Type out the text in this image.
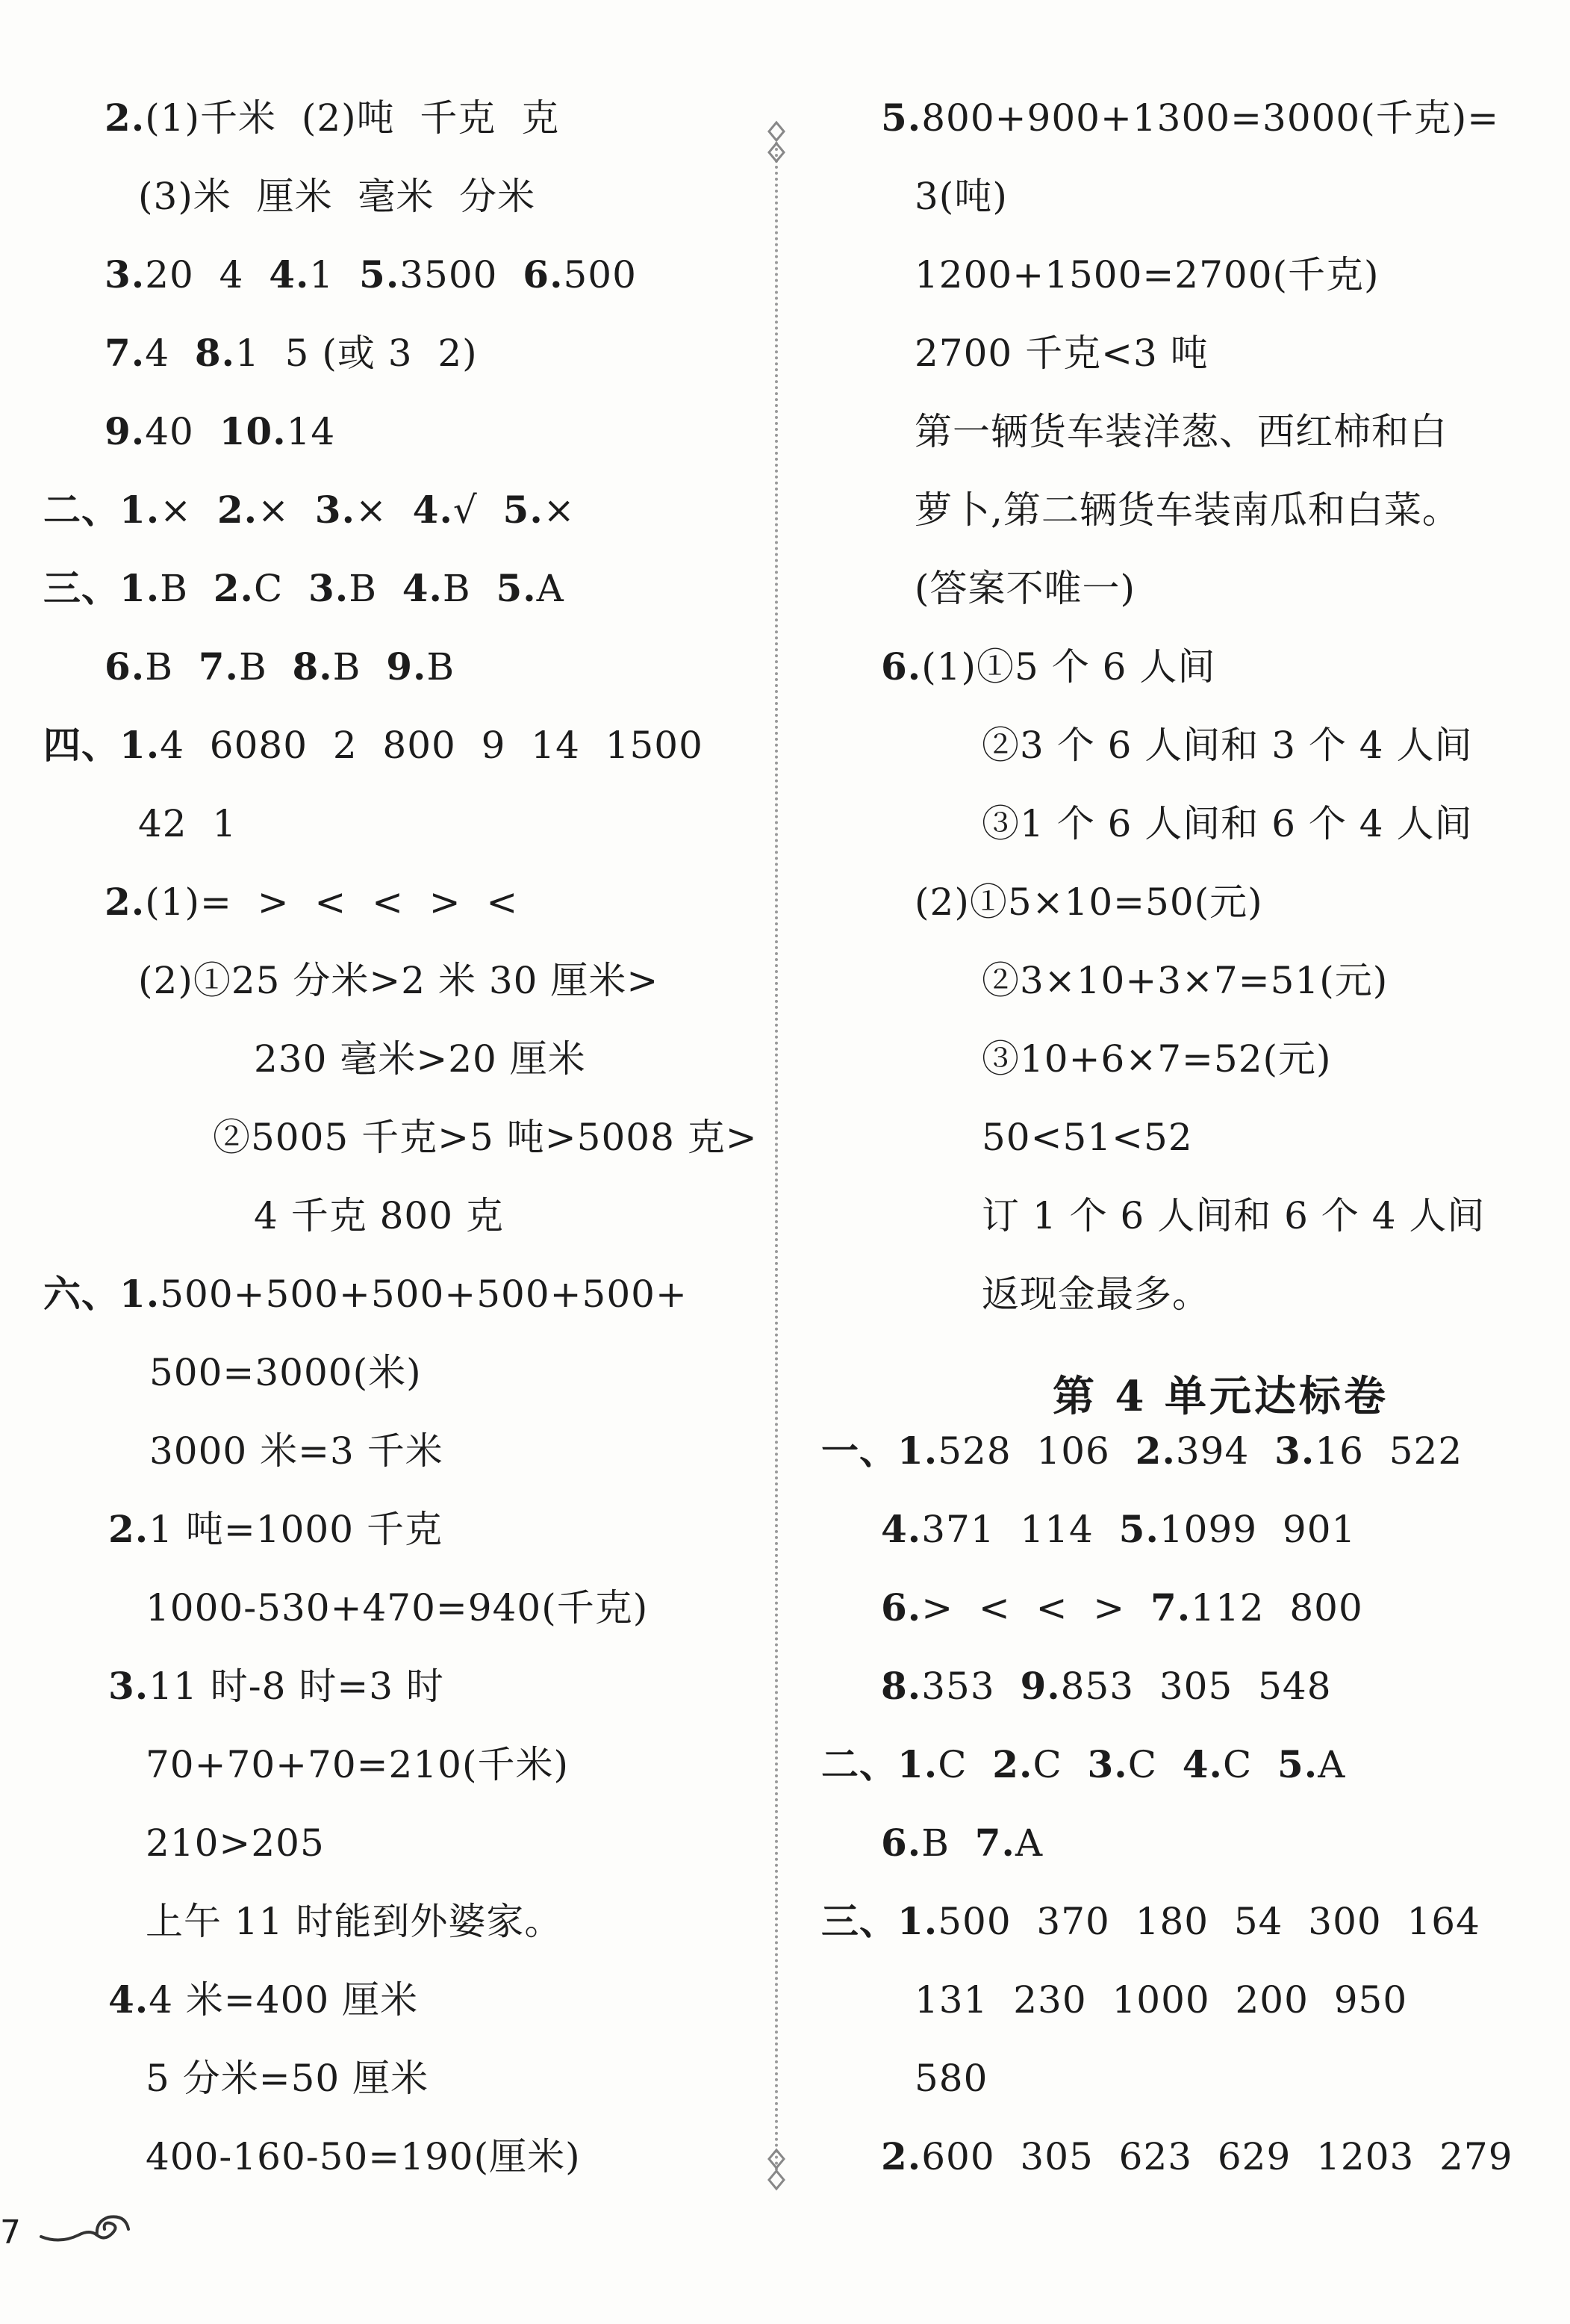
2.(1)千米  (2)吨  千克  克
(3)米  厘米  毫米  分米
3.20  4  4.1  5.3500  6.500
7.4  8.1  5 (或 3  2)
9.40  10.14
二、1.×  2.×  3.×  4.√  5.×
三、1.B  2.C  3.B  4.B  5.A
6.B  7.B  8.B  9.B
四、1.4  6080  2  800  9  14  1500
42  1
2.(1)=  >  <  <  >  <
(2)①25 分米>2 米 30 厘米>
230 毫米>20 厘米
②5005 千克>5 吨>5008 克>
4 千克 800 克
六、1.500+500+500+500+500+
500=3000(米)
3000 米=3 千米
2.1 吨=1000 千克
1000-530+470=940(千克)
3.11 时-8 时=3 时
70+70+70=210(千米)
210>205
上午 11 时能到外婆家。
4.4 米=400 厘米
5 分米=50 厘米
400-160-50=190(厘米)
5.800+900+1300=3000(千克)=
3(吨)
1200+1500=2700(千克)
2700 千克<3 吨
第一辆货车装洋葱、西红柿和白
萝卜,第二辆货车装南瓜和白菜。
(答案不唯一)
6.(1)①5 个 6 人间
②3 个 6 人间和 3 个 4 人间
③1 个 6 人间和 6 个 4 人间
(2)①5×10=50(元)
②3×10+3×7=51(元)
③10+6×7=52(元)
50<51<52
订 1 个 6 人间和 6 个 4 人间
返现金最多。
一、1.528  106  2.394  3.16  522
4.371  114  5.1099  901
6.>  <  <  >  7.112  800
8.353  9.853  305  548
二、1.C  2.C  3.C  4.C  5.A
6.B  7.A
三、1.500  370  180  54  300  164
131  230  1000  200  950
580
2.600  305  623  629  1203  279
第 4 单元达标卷
7
